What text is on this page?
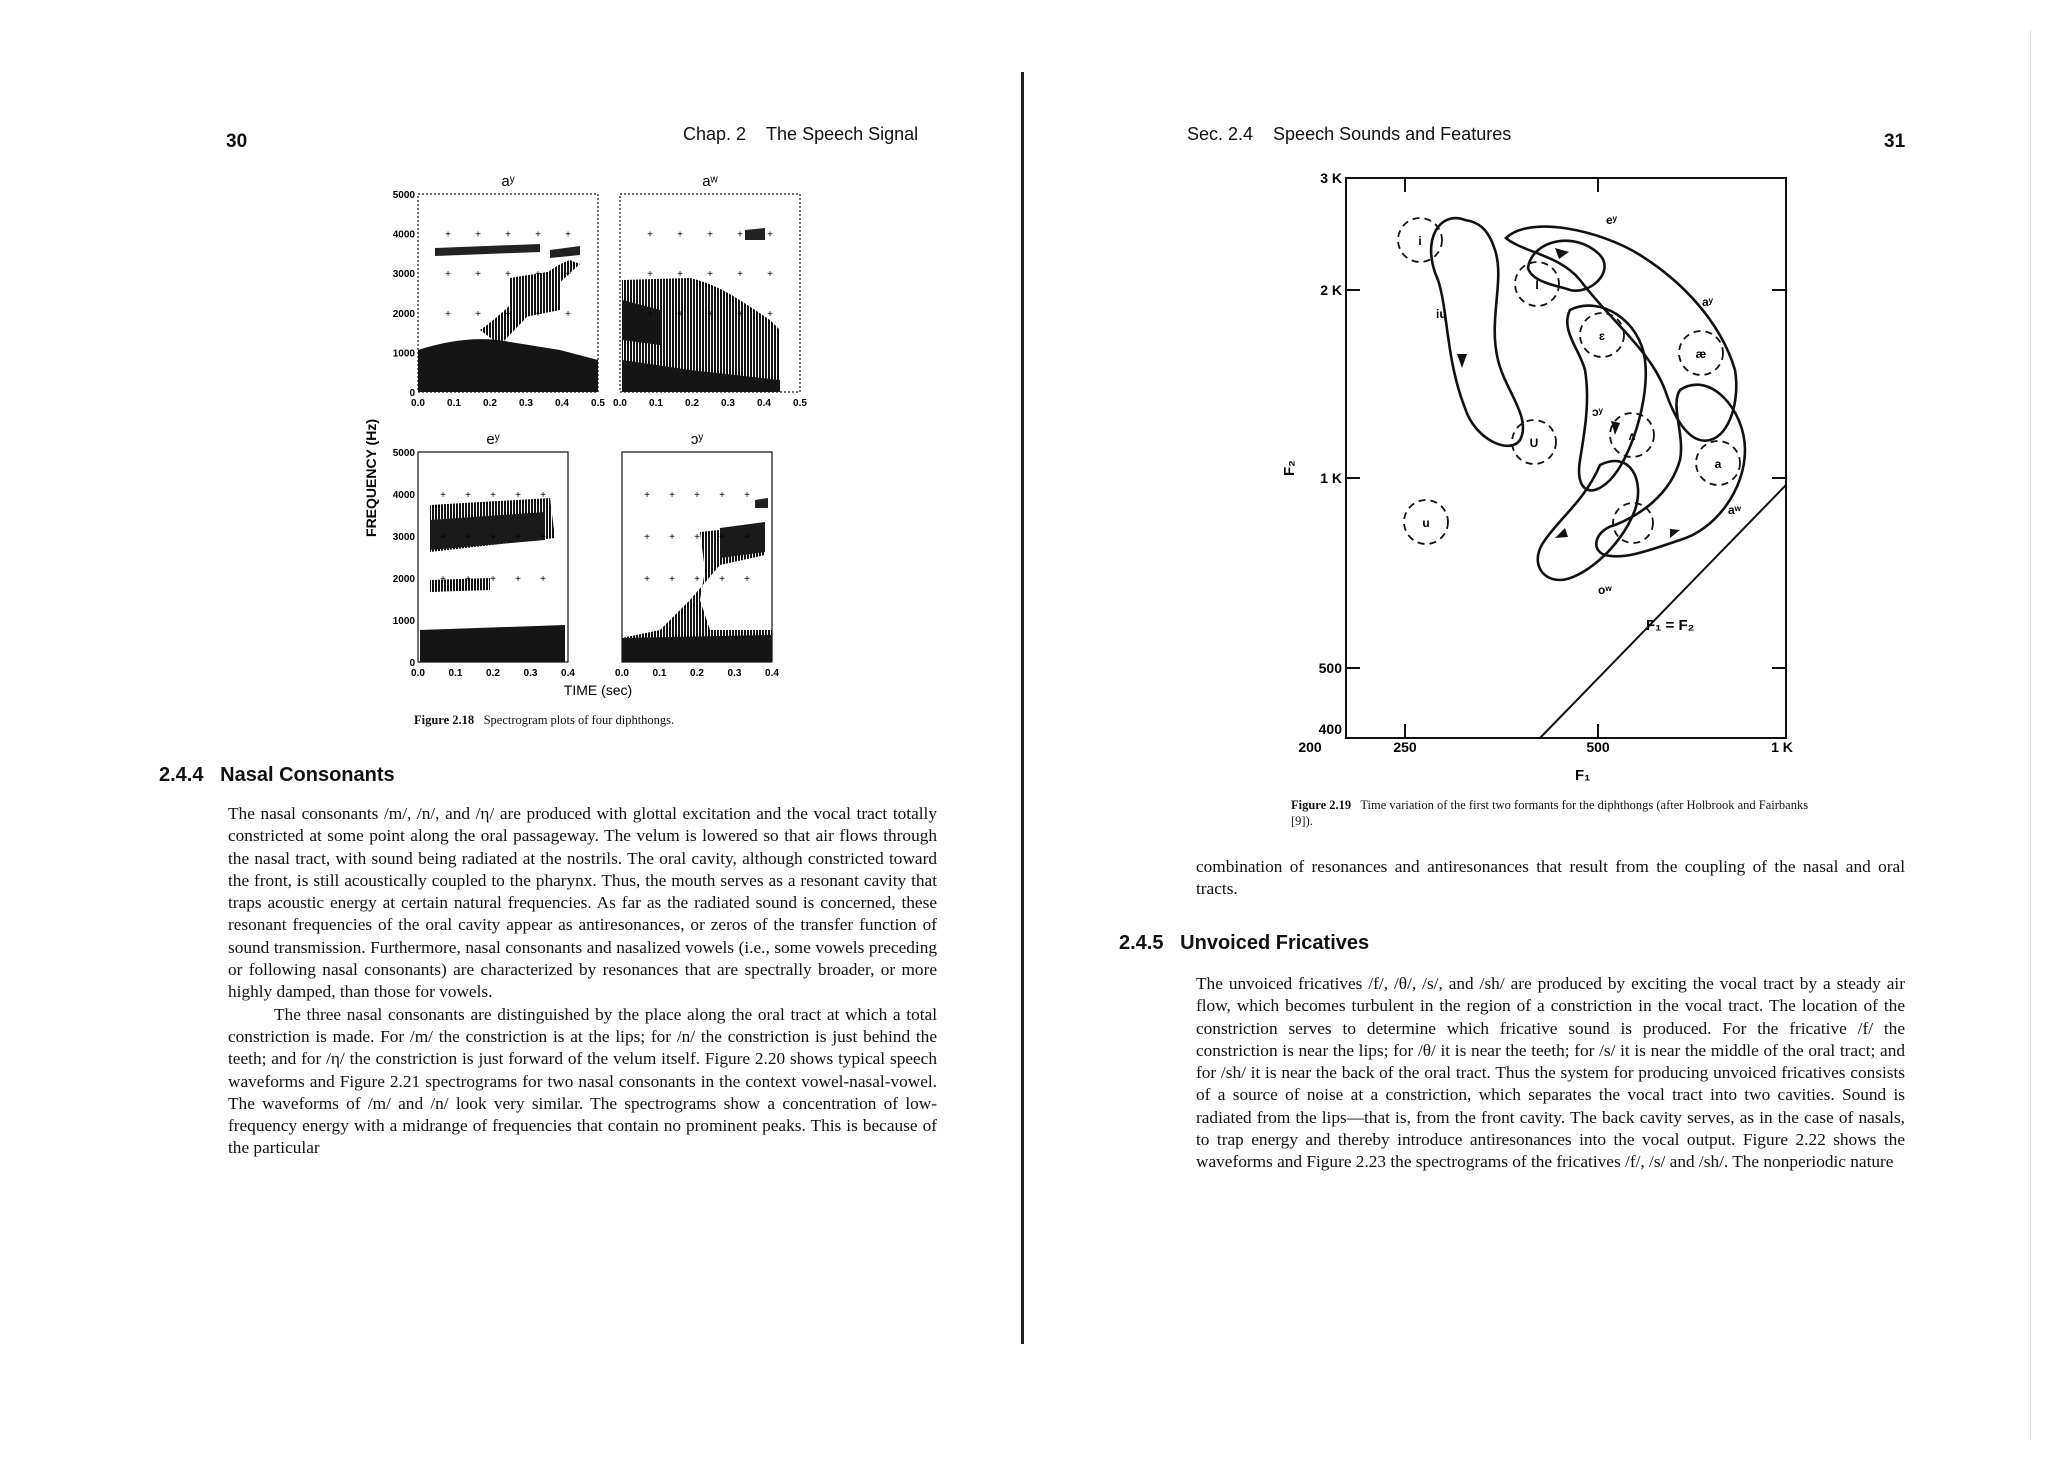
30	Chap. 2    The Speech Signal
FREQUENCY (Hz)
aʸ
0.0 0.1 0.2 0.3 0.4 0.5
5000
4000
3000
2000
1000
0
+ + + + +
+ + + + +
+ + + + +
aʷ
0.0 0.1 0.2 0.3 0.4 0.5
+ + + + +
+ + + + +
+ + + + +
eʸ
0.0 0.1 0.2 0.3 0.4
5000
4000
3000
2000
1000
0
+ + + + +
+ + + + +
+ + + + +
ɔʸ
0.0 0.1 0.2 0.3 0.4
+ + + + +
+ + + + +
+ + + + +
TIME (sec)
Figure 2.18 Spectrogram plots of four diphthongs.
2.4.4 Nasal Consonants

The nasal consonants /m/, /n/, and /η/ are produced with glottal excitation and the vocal tract totally constricted at some point along the oral passageway. The velum is lowered so that air flows through the nasal tract, with sound being radiated at the nostrils. The oral cavity, although constricted toward the front, is still acoustically coupled to the pharynx. Thus, the mouth serves as a resonant cavity that traps acoustic energy at certain natural frequencies. As far as the radiated sound is concerned, these resonant frequencies of the oral cavity appear as antiresonances, or zeros of the transfer function of sound transmission. Furthermore, nasal consonants and nasalized vowels (i.e., some vowels preceding or following nasal consonants) are characterized by resonances that are spectrally broader, or more highly damped, than those for vowels.

The three nasal consonants are distinguished by the place along the oral tract at which a total constriction is made. For /m/ the constriction is at the lips; for /n/ the constriction is just behind the teeth; and for /η/ the constriction is just forward of the velum itself. Figure 2.20 shows typical speech waveforms and Figure 2.21 spectrograms for two nasal consonants in the context vowel-nasal-vowel. The waveforms of /m/ and /n/ look very similar. The spectrograms show a concentration of low-frequency energy with a midrange of frequencies that contain no prominent peaks. This is because of the particular

Sec. 2.4    Speech Sounds and Features	31
3 K
2 K
1 K
500
400
200	250	500	1 K
F₁
F₂
F₁ = F₂
i
I
ɛ
U
u
ʌ
æ
a
eʸ
aʸ
ɔʸ
aʷ
oʷ
iɥ
Figure 2.19 Time variation of the first two formants for the diphthongs (after Holbrook and Fairbanks [9]).

combination of resonances and antiresonances that result from the coupling of the nasal and oral tracts.

2.4.5 Unvoiced Fricatives

The unvoiced fricatives /f/, /θ/, /s/, and /sh/ are produced by exciting the vocal tract by a steady air flow, which becomes turbulent in the region of a constriction in the vocal tract. The location of the constriction serves to determine which fricative sound is produced. For the fricative /f/ the constriction is near the lips; for /θ/ it is near the teeth; for /s/ it is near the middle of the oral tract; and for /sh/ it is near the back of the oral tract. Thus the system for producing unvoiced fricatives consists of a source of noise at a constriction, which separates the vocal tract into two cavities. Sound is radiated from the lips—that is, from the front cavity. The back cavity serves, as in the case of nasals, to trap energy and thereby introduce antiresonances into the vocal output. Figure 2.22 shows the waveforms and Figure 2.23 the spectrograms of the fricatives /f/, /s/ and /sh/. The nonperiodic nature
